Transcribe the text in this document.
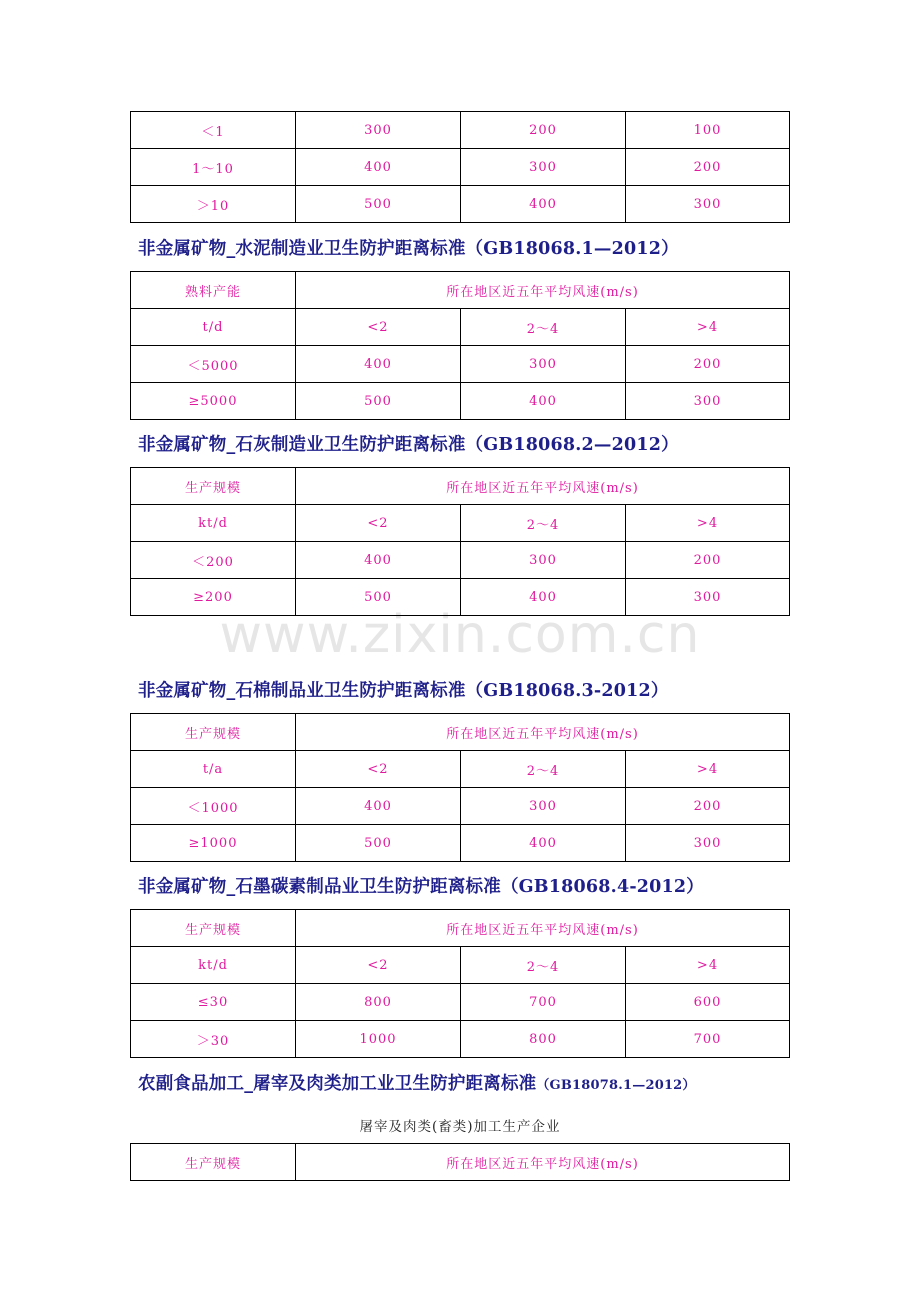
www.zixin.com.cn
＜1	300	200	100
1～10	400	300	200
＞10	500	400	300
非金属矿物_水泥制造业卫生防护距离标准（GB18068.1—2012）
熟料产能	所在地区近五年平均风速(m/s)		
t/d	<2	2～4	>4
＜5000	400	300	200
≥5000	500	400	300
非金属矿物_石灰制造业卫生防护距离标准（GB18068.2—2012）
生产规模	所在地区近五年平均风速(m/s)		
kt/d	<2	2～4	>4
＜200	400	300	200
≥200	500	400	300
非金属矿物_石棉制品业卫生防护距离标准（GB18068.3-2012）
生产规模	所在地区近五年平均风速(m/s)		
t/a	<2	2～4	>4
＜1000	400	300	200
≥1000	500	400	300
非金属矿物_石墨碳素制品业卫生防护距离标准（GB18068.4-2012）
生产规模	所在地区近五年平均风速(m/s)		
kt/d	<2	2～4	>4
≤30	800	700	600
＞30	1000	800	700
农副食品加工_屠宰及肉类加工业卫生防护距离标准（GB18078.1—2012）
屠宰及肉类(畜类)加工生产企业
生产规模	所在地区近五年平均风速(m/s)
